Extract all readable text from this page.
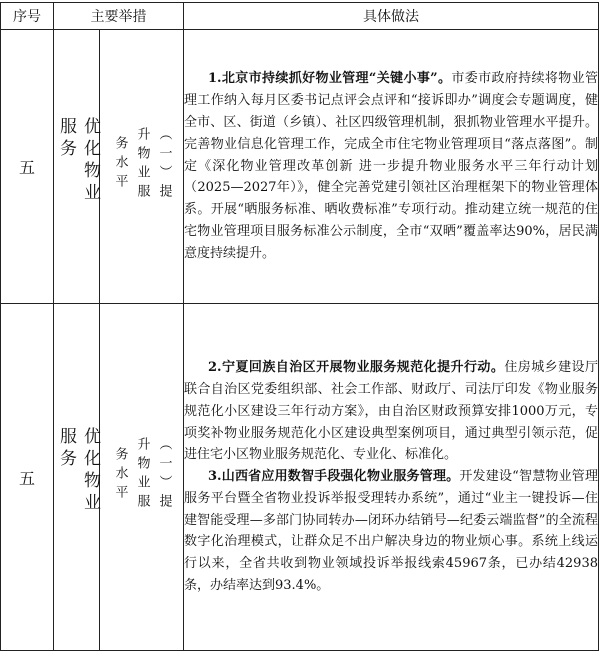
序号	主要举措		具体做法
五	优化物业服务	（一）提升物业服务水平	1.北京市持续抓好物业管理“关键小事”。市委市政府持续将物业管理工作纳入每月区委书记点评会点评和“接诉即办”调度会专题调度，健全市、区、街道（乡镇）、社区四级管理机制，狠抓物业管理水平提升。完善物业信息化管理工作，完成全市住宅物业管理项目“落点落图”。制定《深化物业管理改革创新 进一步提升物业服务水平三年行动计划（2025—2027年）》，健全完善党建引领社区治理框架下的物业管理体系。开展“晒服务标准、晒收费标准”专项行动。推动建立统一规范的住宅物业管理项目服务标准公示制度，全市“双晒”覆盖率达90%，居民满意度持续提升。

五	优化物业服务	（一）提升物业服务水平	2.宁夏回族自治区开展物业服务规范化提升行动。住房城乡建设厅联合自治区党委组织部、社会工作部、财政厅、司法厅印发《物业服务规范化小区建设三年行动方案》，由自治区财政预算安排1000万元，专项奖补物业服务规范化小区建设典型案例项目，通过典型引领示范，促进住宅小区物业服务规范化、专业化、标准化。

3.山西省应用数智手段强化物业服务管理。开发建设“智慧物业管理服务平台暨全省物业投诉举报受理转办系统”，通过“业主一键投诉—住建智能受理—多部门协同转办—闭环办结销号—纪委云端监督”的全流程数字化治理模式，让群众足不出户解决身边的物业烦心事。系统上线运行以来，全省共收到物业领域投诉举报线索45967条，已办结42938条，办结率达到93.4%。
